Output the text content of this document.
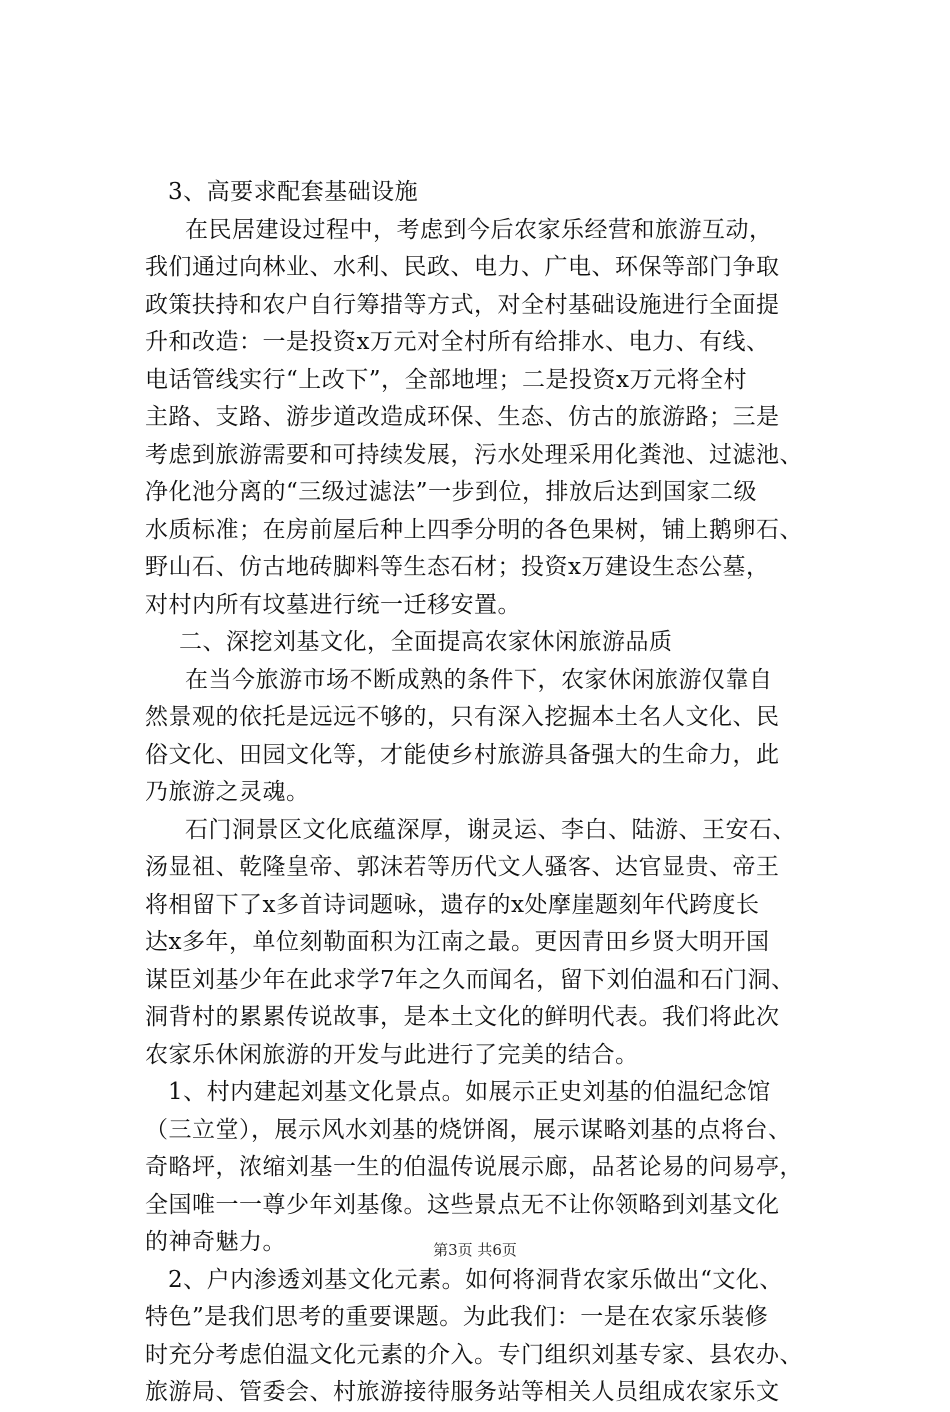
3、高要求配套基础设施
在民居建设过程中，考虑到今后农家乐经营和旅游互动，
我们通过向林业、水利、民政、电力、广电、环保等部门争取
政策扶持和农户自行筹措等方式，对全村基础设施进行全面提
升和改造：一是投资x万元对全村所有给排水、电力、有线、
电话管线实行“上改下”，全部地埋；二是投资x万元将全村
主路、支路、游步道改造成环保、生态、仿古的旅游路；三是
考虑到旅游需要和可持续发展，污水处理采用化粪池、过滤池、
净化池分离的“三级过滤法”一步到位，排放后达到国家二级
水质标准；在房前屋后种上四季分明的各色果树，铺上鹅卵石、
野山石、仿古地砖脚料等生态石材；投资x万建设生态公墓，
对村内所有坟墓进行统一迁移安置。
二、深挖刘基文化，全面提高农家休闲旅游品质
在当今旅游市场不断成熟的条件下，农家休闲旅游仅靠自
然景观的依托是远远不够的，只有深入挖掘本土名人文化、民
俗文化、田园文化等，才能使乡村旅游具备强大的生命力，此
乃旅游之灵魂。
石门洞景区文化底蕴深厚，谢灵运、李白、陆游、王安石、
汤显祖、乾隆皇帝、郭沫若等历代文人骚客、达官显贵、帝王
将相留下了x多首诗词题咏，遗存的x处摩崖题刻年代跨度长
达x多年，单位刻勒面积为江南之最。更因青田乡贤大明开国
谋臣刘基少年在此求学7年之久而闻名，留下刘伯温和石门洞、
洞背村的累累传说故事，是本土文化的鲜明代表。我们将此次
农家乐休闲旅游的开发与此进行了完美的结合。
1、村内建起刘基文化景点。如展示正史刘基的伯温纪念馆
（三立堂），展示风水刘基的烧饼阁，展示谋略刘基的点将台、
奇略坪，浓缩刘基一生的伯温传说展示廊，品茗论易的问易亭，
全国唯一一尊少年刘基像。这些景点无不让你领略到刘基文化
的神奇魅力。
2、户内渗透刘基文化元素。如何将洞背农家乐做出“文化、
特色”是我们思考的重要课题。为此我们：一是在农家乐装修
时充分考虑伯温文化元素的介入。专门组织刘基专家、县农办、
旅游局、管委会、村旅游接待服务站等相关人员组成农家乐文
第3页 共6页
